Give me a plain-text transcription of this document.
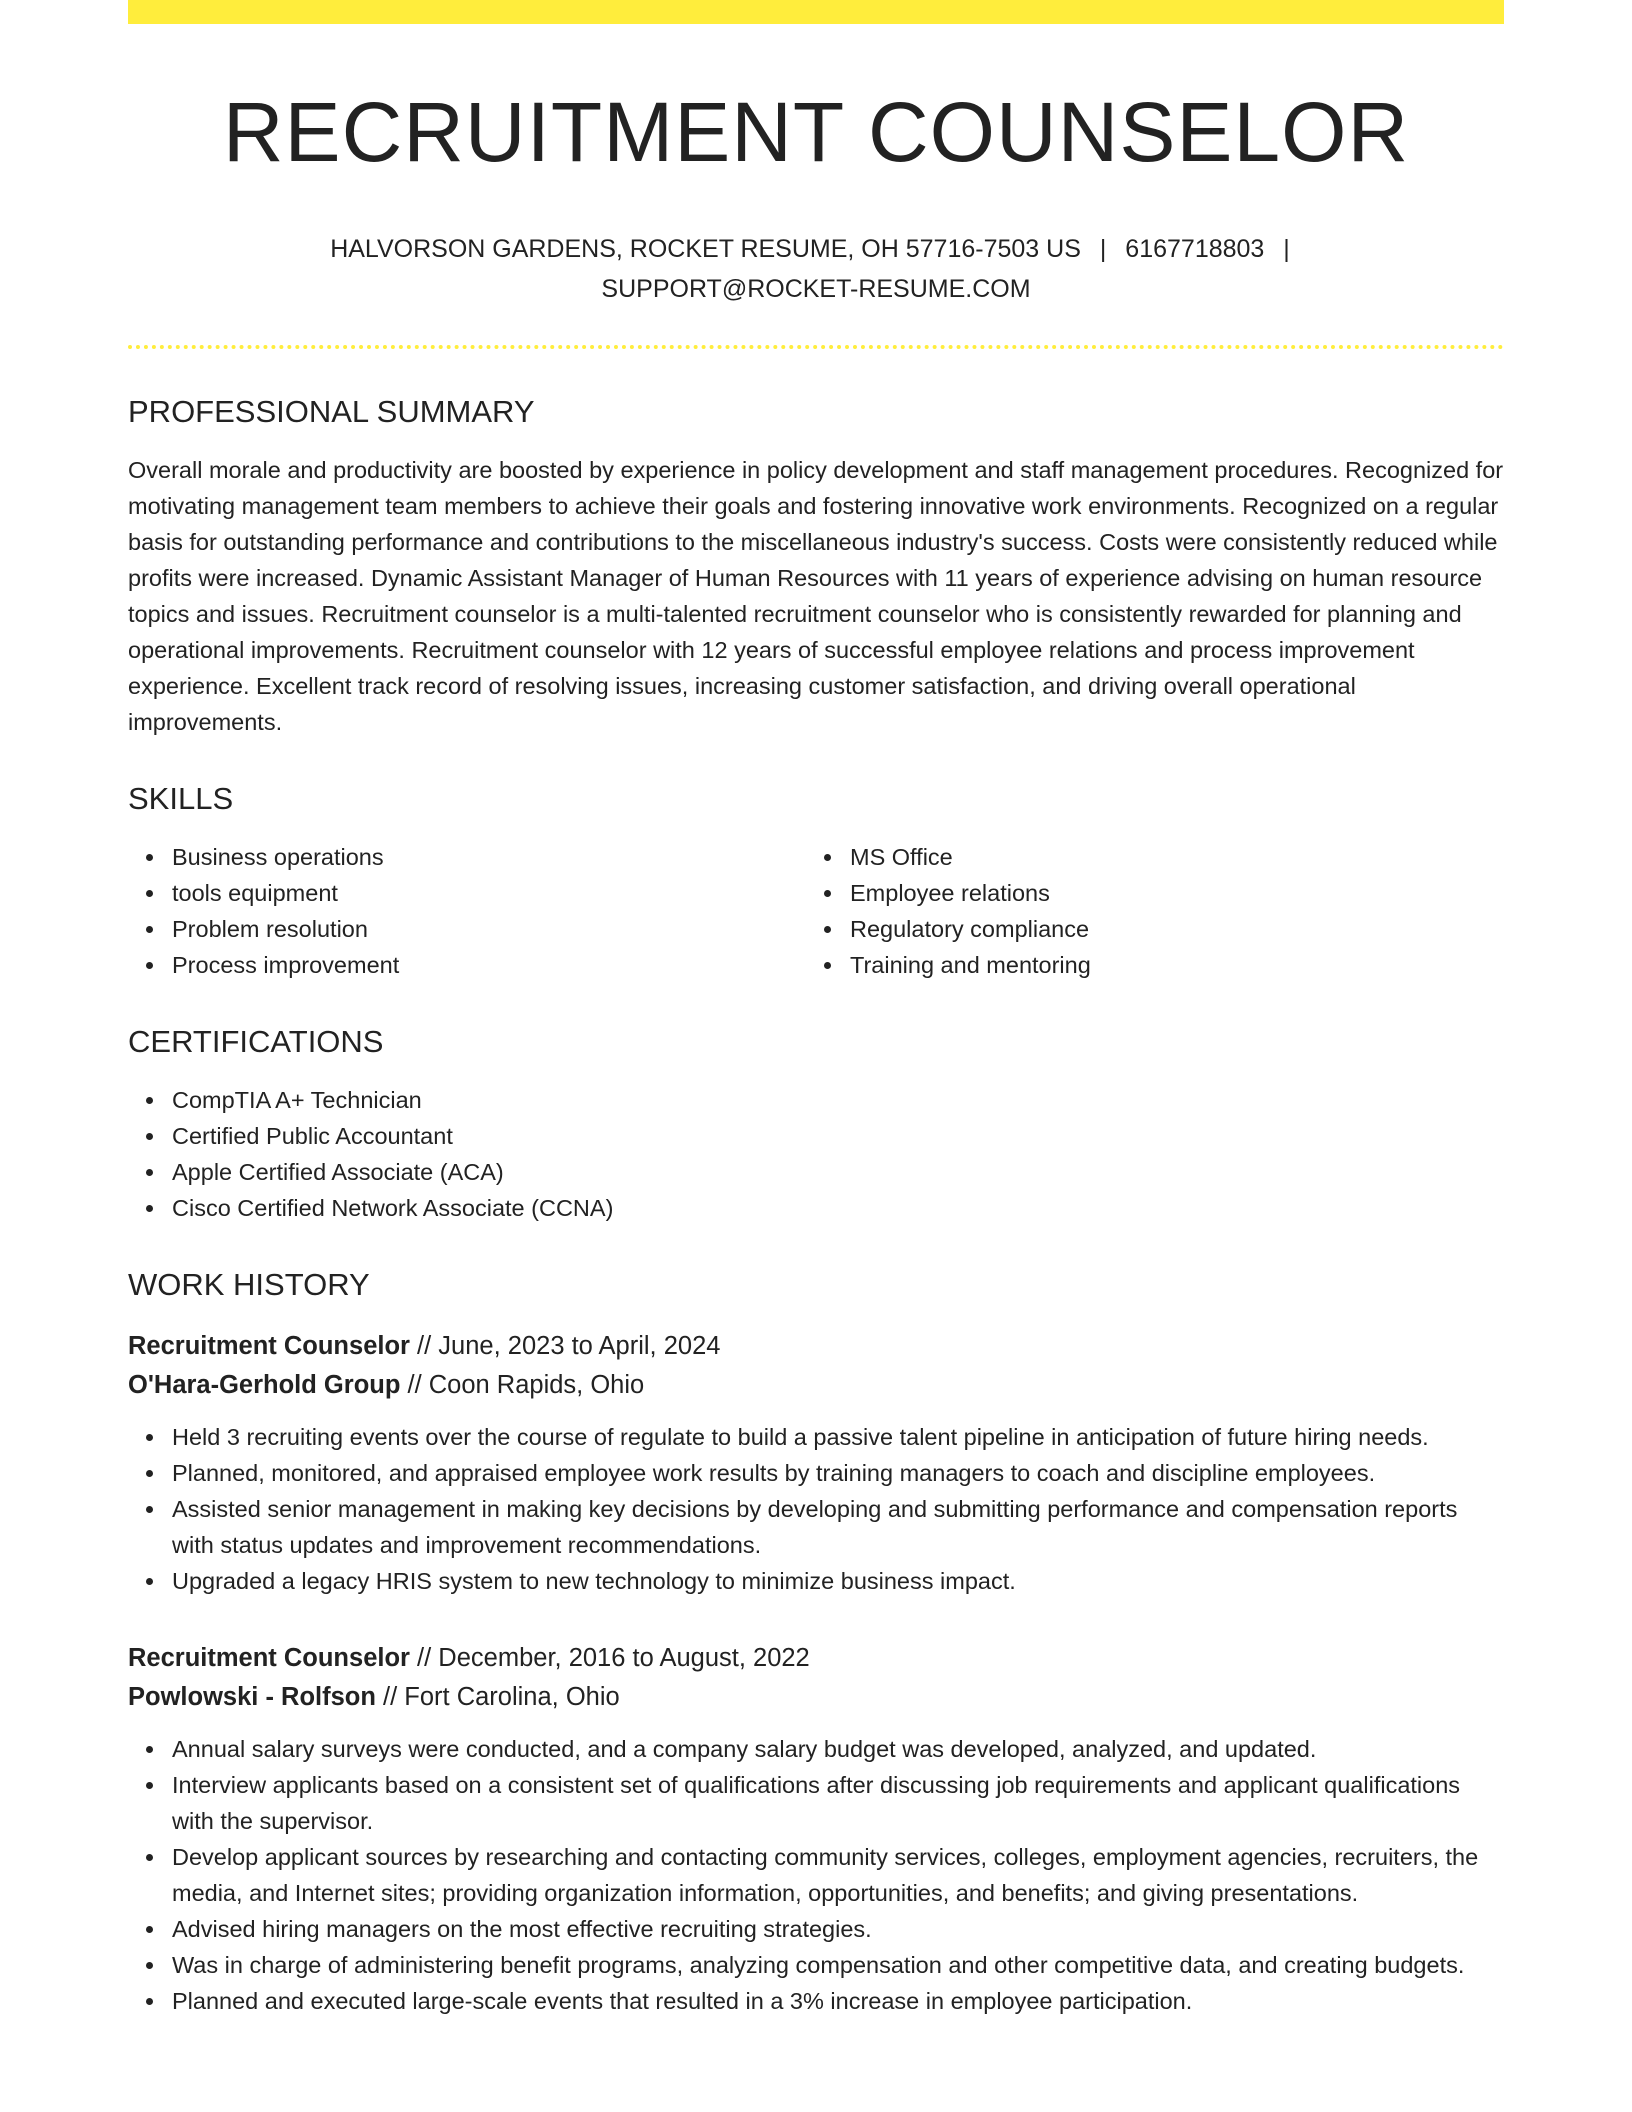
RECRUITMENT COUNSELOR
HALVORSON GARDENS, ROCKET RESUME, OH 57716-7503 US | 6167718803 |
SUPPORT@ROCKET-RESUME.COM
PROFESSIONAL SUMMARY

Overall morale and productivity are boosted by experience in policy development and staff management procedures. Recognized for motivating management team members to achieve their goals and fostering innovative work environments. Recognized on a regular basis for outstanding performance and contributions to the miscellaneous industry's success. Costs were consistently reduced while profits were increased. Dynamic Assistant Manager of Human Resources with 11 years of experience advising on human resource topics and issues. Recruitment counselor is a multi-talented recruitment counselor who is consistently rewarded for planning and operational improvements. Recruitment counselor with 12 years of successful employee relations and process improvement experience. Excellent track record of resolving issues, increasing customer satisfaction, and driving overall operational improvements.

SKILLS
Business operations
tools equipment
Problem resolution
Process improvement
MS Office
Employee relations
Regulatory compliance
Training and mentoring
CERTIFICATIONS
CompTIA A+ Technician
Certified Public Accountant
Apple Certified Associate (ACA)
Cisco Certified Network Associate (CCNA)
WORK HISTORY
Recruitment Counselor // June, 2023 to April, 2024
O'Hara-Gerhold Group // Coon Rapids, Ohio
Held 3 recruiting events over the course of regulate to build a passive talent pipeline in anticipation of future hiring needs.
Planned, monitored, and appraised employee work results by training managers to coach and discipline employees.
Assisted senior management in making key decisions by developing and submitting performance and compensation reports with status updates and improvement recommendations.
Upgraded a legacy HRIS system to new technology to minimize business impact.
Recruitment Counselor // December, 2016 to August, 2022
Powlowski - Rolfson // Fort Carolina, Ohio
Annual salary surveys were conducted, and a company salary budget was developed, analyzed, and updated.
Interview applicants based on a consistent set of qualifications after discussing job requirements and applicant qualifications with the supervisor.
Develop applicant sources by researching and contacting community services, colleges, employment agencies, recruiters, the media, and Internet sites; providing organization information, opportunities, and benefits; and giving presentations.
Advised hiring managers on the most effective recruiting strategies.
Was in charge of administering benefit programs, analyzing compensation and other competitive data, and creating budgets.
Planned and executed large-scale events that resulted in a 3% increase in employee participation.
